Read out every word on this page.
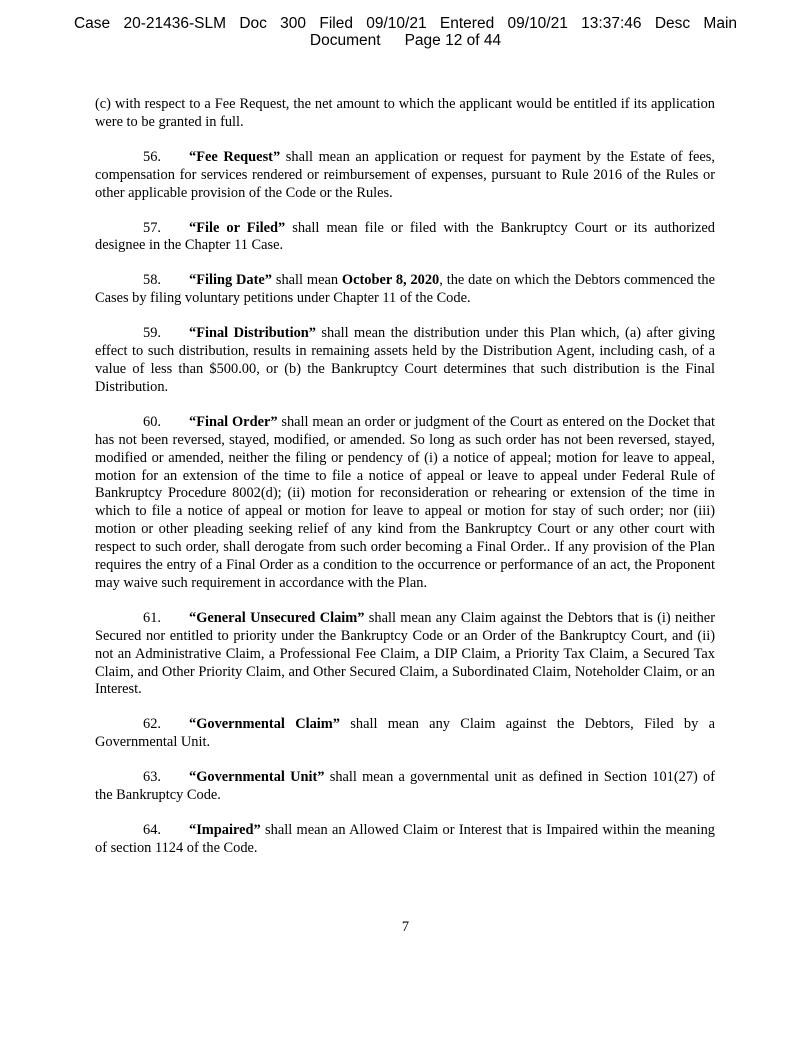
Case 20-21436-SLM Doc 300 Filed 09/10/21 Entered 09/10/21 13:37:46 Desc Main
Document Page 12 of 44

(c) with respect to a Fee Request, the net amount to which the applicant would be entitled if its application were to be granted in full.

56. “Fee Request” shall mean an application or request for payment by the Estate of fees, compensation for services rendered or reimbursement of expenses, pursuant to Rule 2016 of the Rules or other applicable provision of the Code or the Rules.

57. “File or Filed” shall mean file or filed with the Bankruptcy Court or its authorized designee in the Chapter 11 Case.

58. “Filing Date” shall mean October 8, 2020, the date on which the Debtors commenced the Cases by filing voluntary petitions under Chapter 11 of the Code.

59. “Final Distribution” shall mean the distribution under this Plan which, (a) after giving effect to such distribution, results in remaining assets held by the Distribution Agent, including cash, of a value of less than $500.00, or (b) the Bankruptcy Court determines that such distribution is the Final Distribution.

60. “Final Order” shall mean an order or judgment of the Court as entered on the Docket that has not been reversed, stayed, modified, or amended. So long as such order has not been reversed, stayed, modified or amended, neither the filing or pendency of (i) a notice of appeal; motion for leave to appeal, motion for an extension of the time to file a notice of appeal or leave to appeal under Federal Rule of Bankruptcy Procedure 8002(d); (ii) motion for reconsideration or rehearing or extension of the time in which to file a notice of appeal or motion for leave to appeal or motion for stay of such order; nor (iii) motion or other pleading seeking relief of any kind from the Bankruptcy Court or any other court with respect to such order, shall derogate from such order becoming a Final Order.. If any provision of the Plan requires the entry of a Final Order as a condition to the occurrence or performance of an act, the Proponent may waive such requirement in accordance with the Plan.

61. “General Unsecured Claim” shall mean any Claim against the Debtors that is (i) neither Secured nor entitled to priority under the Bankruptcy Code or an Order of the Bankruptcy Court, and (ii) not an Administrative Claim, a Professional Fee Claim, a DIP Claim, a Priority Tax Claim, a Secured Tax Claim, and Other Priority Claim, and Other Secured Claim, a Subordinated Claim, Noteholder Claim, or an Interest.

62. “Governmental Claim” shall mean any Claim against the Debtors, Filed by a Governmental Unit.

63. “Governmental Unit” shall mean a governmental unit as defined in Section 101(27) of the Bankruptcy Code.

64. “Impaired” shall mean an Allowed Claim or Interest that is Impaired within the meaning of section 1124 of the Code.

7
